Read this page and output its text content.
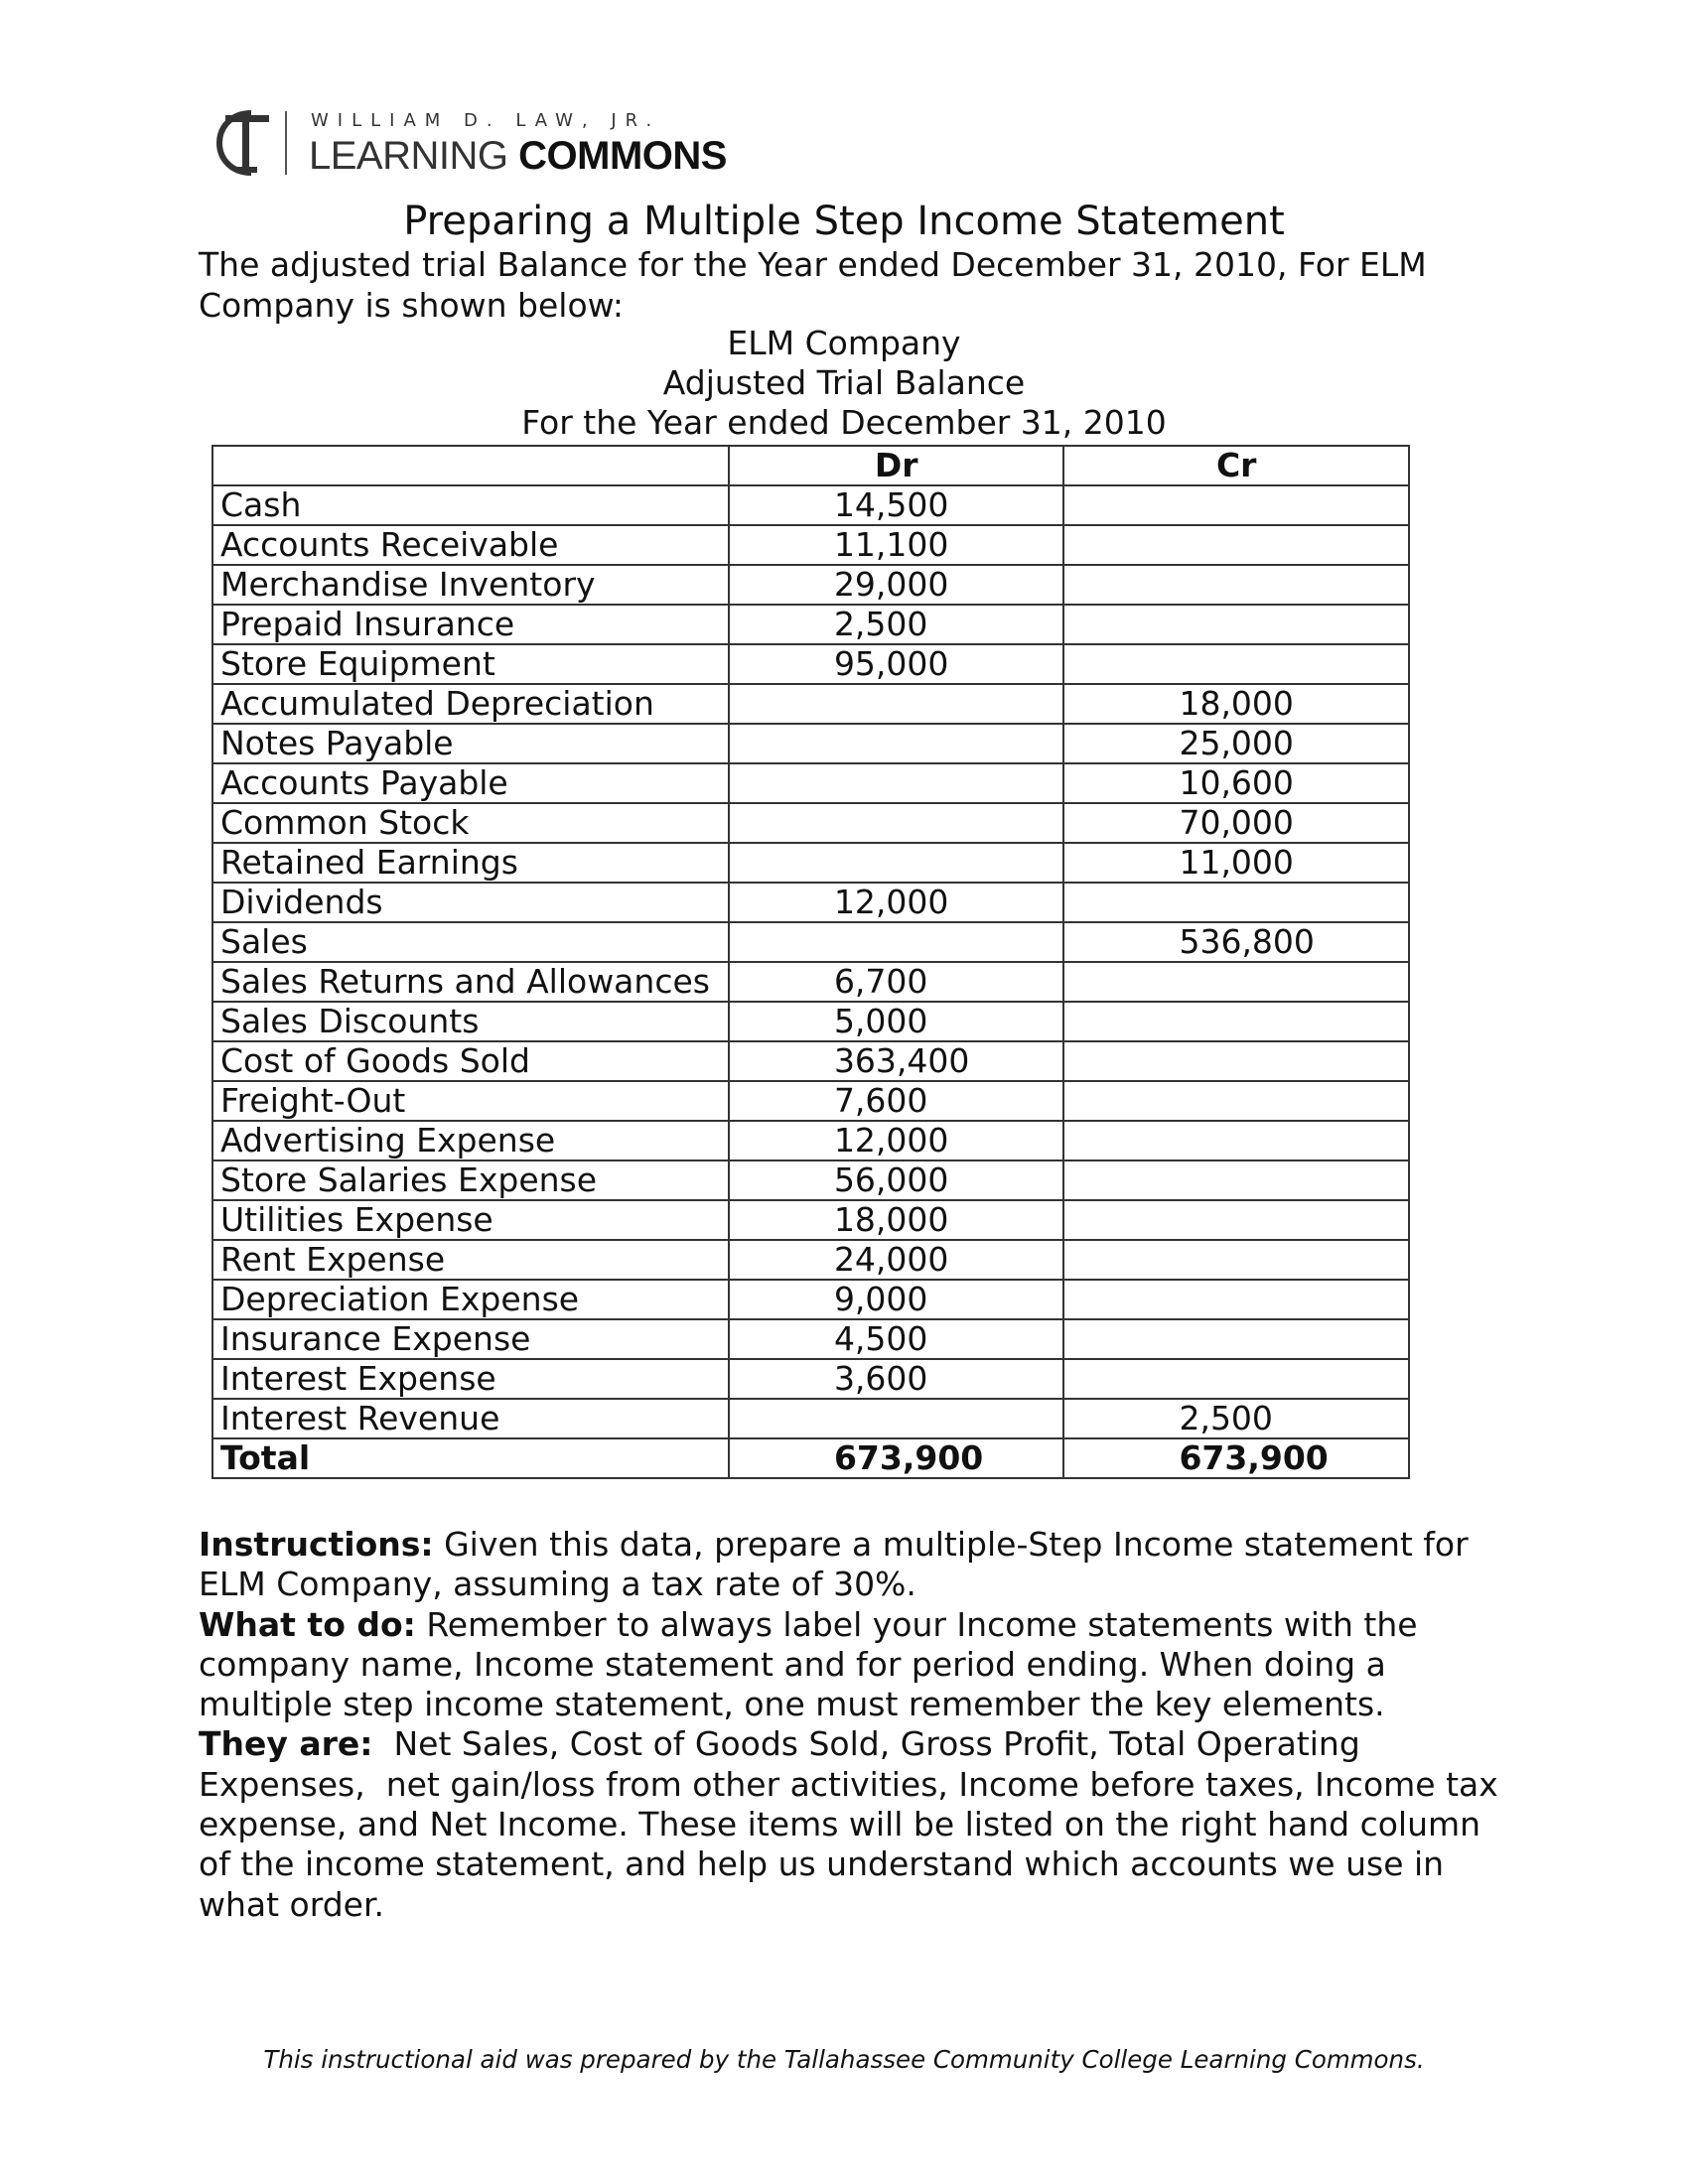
WILLIAM D. LAW, JR.
LEARNING COMMONS
Preparing a Multiple Step Income Statement
The adjusted trial Balance for the Year ended December 31, 2010, For ELM Company is shown below:
ELM Company
Adjusted Trial Balance
For the Year ended December 31, 2010
	Dr	Cr
Cash	14,500	
Accounts Receivable	11,100	
Merchandise Inventory	29,000	
Prepaid Insurance	2,500	
Store Equipment	95,000	
Accumulated Depreciation		18,000
Notes Payable		25,000
Accounts Payable		10,600
Common Stock		70,000
Retained Earnings		11,000
Dividends	12,000	
Sales		536,800
Sales Returns and Allowances	6,700	
Sales Discounts	5,000	
Cost of Goods Sold	363,400	
Freight-Out	7,600	
Advertising Expense	12,000	
Store Salaries Expense	56,000	
Utilities Expense	18,000	
Rent Expense	24,000	
Depreciation Expense	9,000	
Insurance Expense	4,500	
Interest Expense	3,600	
Interest Revenue		2,500
Total	673,900	673,900
Instructions: Given this data, prepare a multiple-Step Income statement for ELM Company, assuming a tax rate of 30%.
What to do: Remember to always label your Income statements with the company name, Income statement and for period ending. When doing a multiple step income statement, one must remember the key elements.
They are:  Net Sales, Cost of Goods Sold, Gross Profit, Total Operating Expenses,  net gain/loss from other activities, Income before taxes, Income tax expense, and Net Income. These items will be listed on the right hand column of the income statement, and help us understand which accounts we use in what order.
This instructional aid was prepared by the Tallahassee Community College Learning Commons.
